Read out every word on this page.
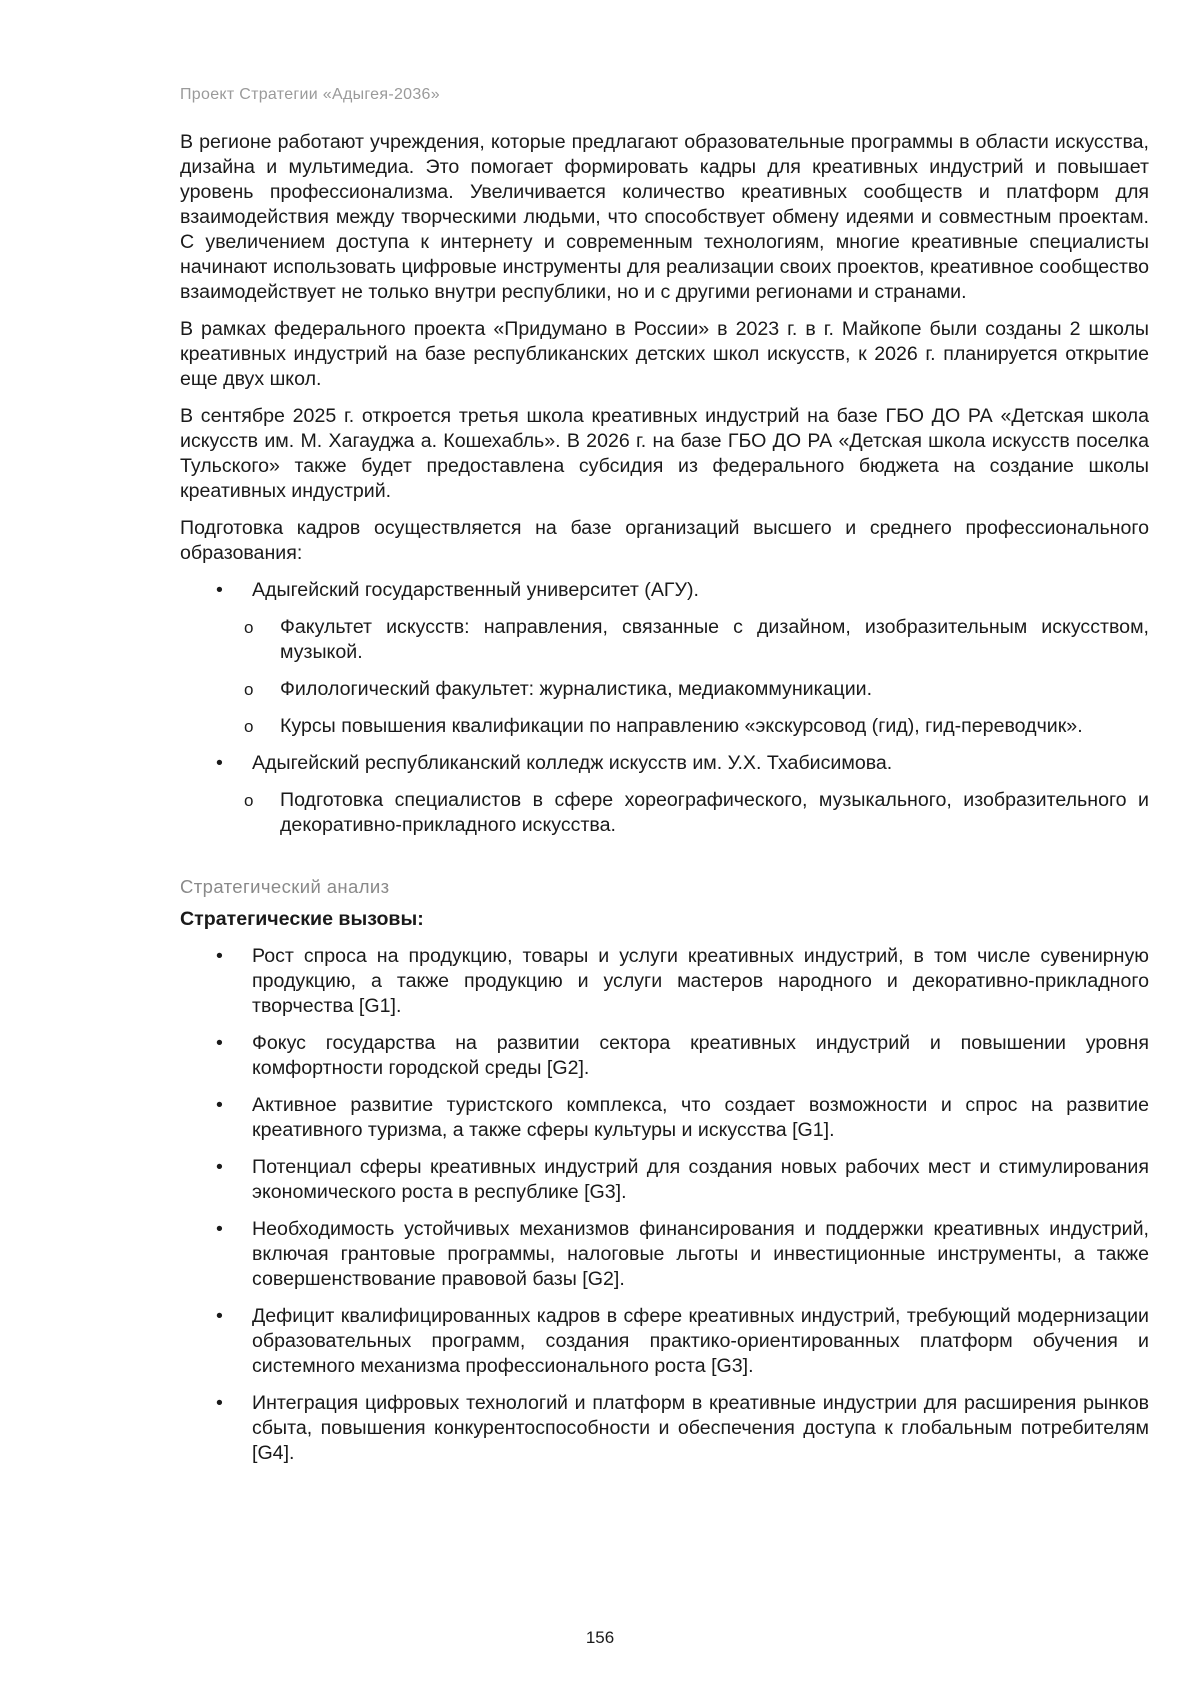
Проект Стратегии «Адыгея-2036»

В регионе работают учреждения, которые предлагают образовательные программы в области искусства, дизайна и мультимедиа. Это помогает формировать кадры для креативных индустрий и повышает уровень профессионализма. Увеличивается количество креативных сообществ и платформ для взаимодействия между творческими людьми, что способствует обмену идеями и совместным проектам. С увеличением доступа к интернету и современным технологиям, многие креативные специалисты начинают использовать цифровые инструменты для реализации своих проектов, креативное сообщество взаимодействует не только внутри республики, но и с другими регионами и странами.

В рамках федерального проекта «Придумано в России» в 2023 г. в г. Майкопе были созданы 2 школы креативных индустрий на базе республиканских детских школ искусств, к 2026 г. планируется открытие еще двух школ.

В сентябре 2025 г. откроется третья школа креативных индустрий на базе ГБО ДО РА «Детская школа искусств им. М. Хагауджа а. Кошехабль». В 2026 г. на базе ГБО ДО РА «Детская школа искусств поселка Тульского» также будет предоставлена субсидия из федерального бюджета на создание школы креативных индустрий.

Подготовка кадров осуществляется на базе организаций высшего и среднего профессионального образования:

• Адыгейский государственный университет (АГУ).
o Факультет искусств: направления, связанные с дизайном, изобразительным искусством, музыкой.
o Филологический факультет: журналистика, медиакоммуникации.
o Курсы повышения квалификации по направлению «экскурсовод (гид), гид-переводчик».
• Адыгейский республиканский колледж искусств им. У.Х. Тхабисимова.
o Подготовка специалистов в сфере хореографического, музыкального, изобразительного и декоративно-прикладного искусства.
Стратегический анализ
Стратегические вызовы:
• Рост спроса на продукцию, товары и услуги креативных индустрий, в том числе сувенирную продукцию, а также продукцию и услуги мастеров народного и декоративно-прикладного творчества [G1].
• Фокус государства на развитии сектора креативных индустрий и повышении уровня комфортности городской среды [G2].
• Активное развитие туристского комплекса, что создает возможности и спрос на развитие креативного туризма, а также сферы культуры и искусства [G1].
• Потенциал сферы креативных индустрий для создания новых рабочих мест и стимулирования экономического роста в республике [G3].
• Необходимость устойчивых механизмов финансирования и поддержки креативных индустрий, включая грантовые программы, налоговые льготы и инвестиционные инструменты, а также совершенствование правовой базы [G2].
• Дефицит квалифицированных кадров в сфере креативных индустрий, требующий модернизации образовательных программ, создания практико-ориентированных платформ обучения и системного механизма профессионального роста [G3].
• Интеграция цифровых технологий и платформ в креативные индустрии для расширения рынков сбыта, повышения конкурентоспособности и обеспечения доступа к глобальным потребителям [G4].
156
